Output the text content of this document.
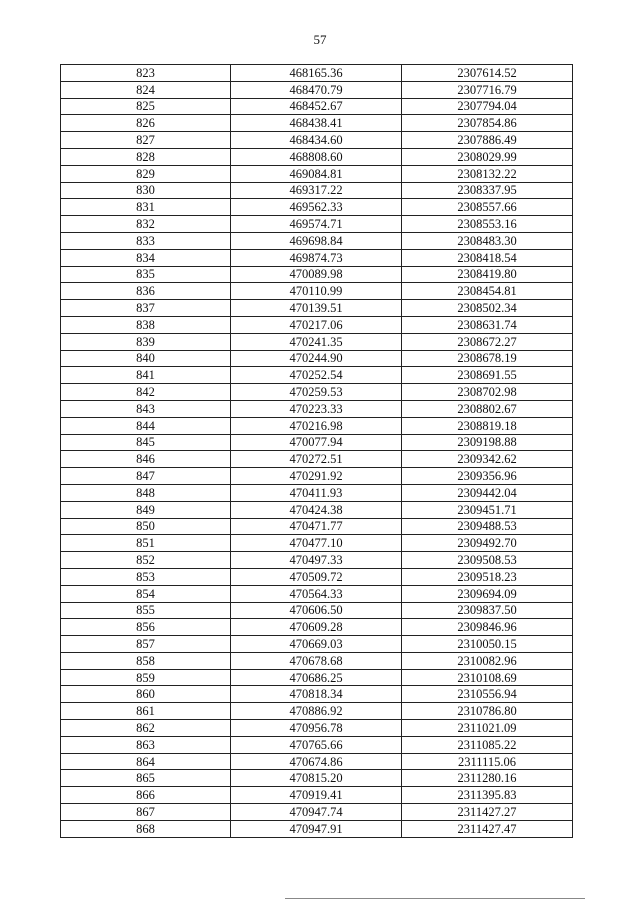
57
823	468165.36	2307614.52
824	468470.79	2307716.79
825	468452.67	2307794.04
826	468438.41	2307854.86
827	468434.60	2307886.49
828	468808.60	2308029.99
829	469084.81	2308132.22
830	469317.22	2308337.95
831	469562.33	2308557.66
832	469574.71	2308553.16
833	469698.84	2308483.30
834	469874.73	2308418.54
835	470089.98	2308419.80
836	470110.99	2308454.81
837	470139.51	2308502.34
838	470217.06	2308631.74
839	470241.35	2308672.27
840	470244.90	2308678.19
841	470252.54	2308691.55
842	470259.53	2308702.98
843	470223.33	2308802.67
844	470216.98	2308819.18
845	470077.94	2309198.88
846	470272.51	2309342.62
847	470291.92	2309356.96
848	470411.93	2309442.04
849	470424.38	2309451.71
850	470471.77	2309488.53
851	470477.10	2309492.70
852	470497.33	2309508.53
853	470509.72	2309518.23
854	470564.33	2309694.09
855	470606.50	2309837.50
856	470609.28	2309846.96
857	470669.03	2310050.15
858	470678.68	2310082.96
859	470686.25	2310108.69
860	470818.34	2310556.94
861	470886.92	2310786.80
862	470956.78	2311021.09
863	470765.66	2311085.22
864	470674.86	2311115.06
865	470815.20	2311280.16
866	470919.41	2311395.83
867	470947.74	2311427.27
868	470947.91	2311427.47
